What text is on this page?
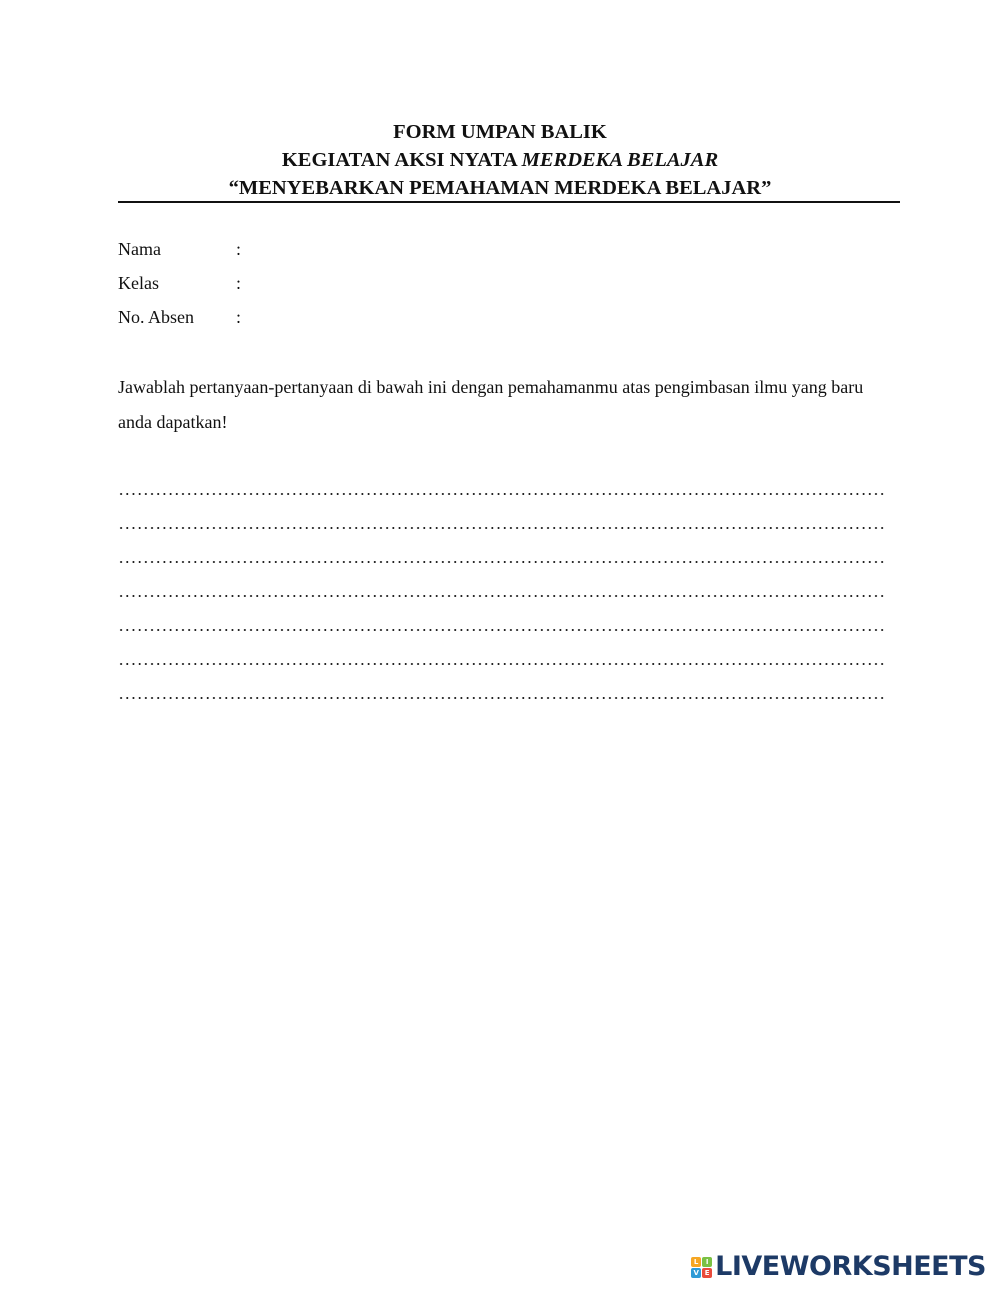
FORM UMPAN BALIK
KEGIATAN AKSI NYATA MERDEKA BELAJAR
“MENYEBARKAN PEMAHAMAN MERDEKA BELAJAR”
Nama	:
Kelas	:
No. Absen	:
Jawablah pertanyaan-pertanyaan di bawah ini dengan pemahamanmu atas pengimbasan ilmu yang baru anda dapatkan!
L	I
V E LIVEWORKSHEETS
